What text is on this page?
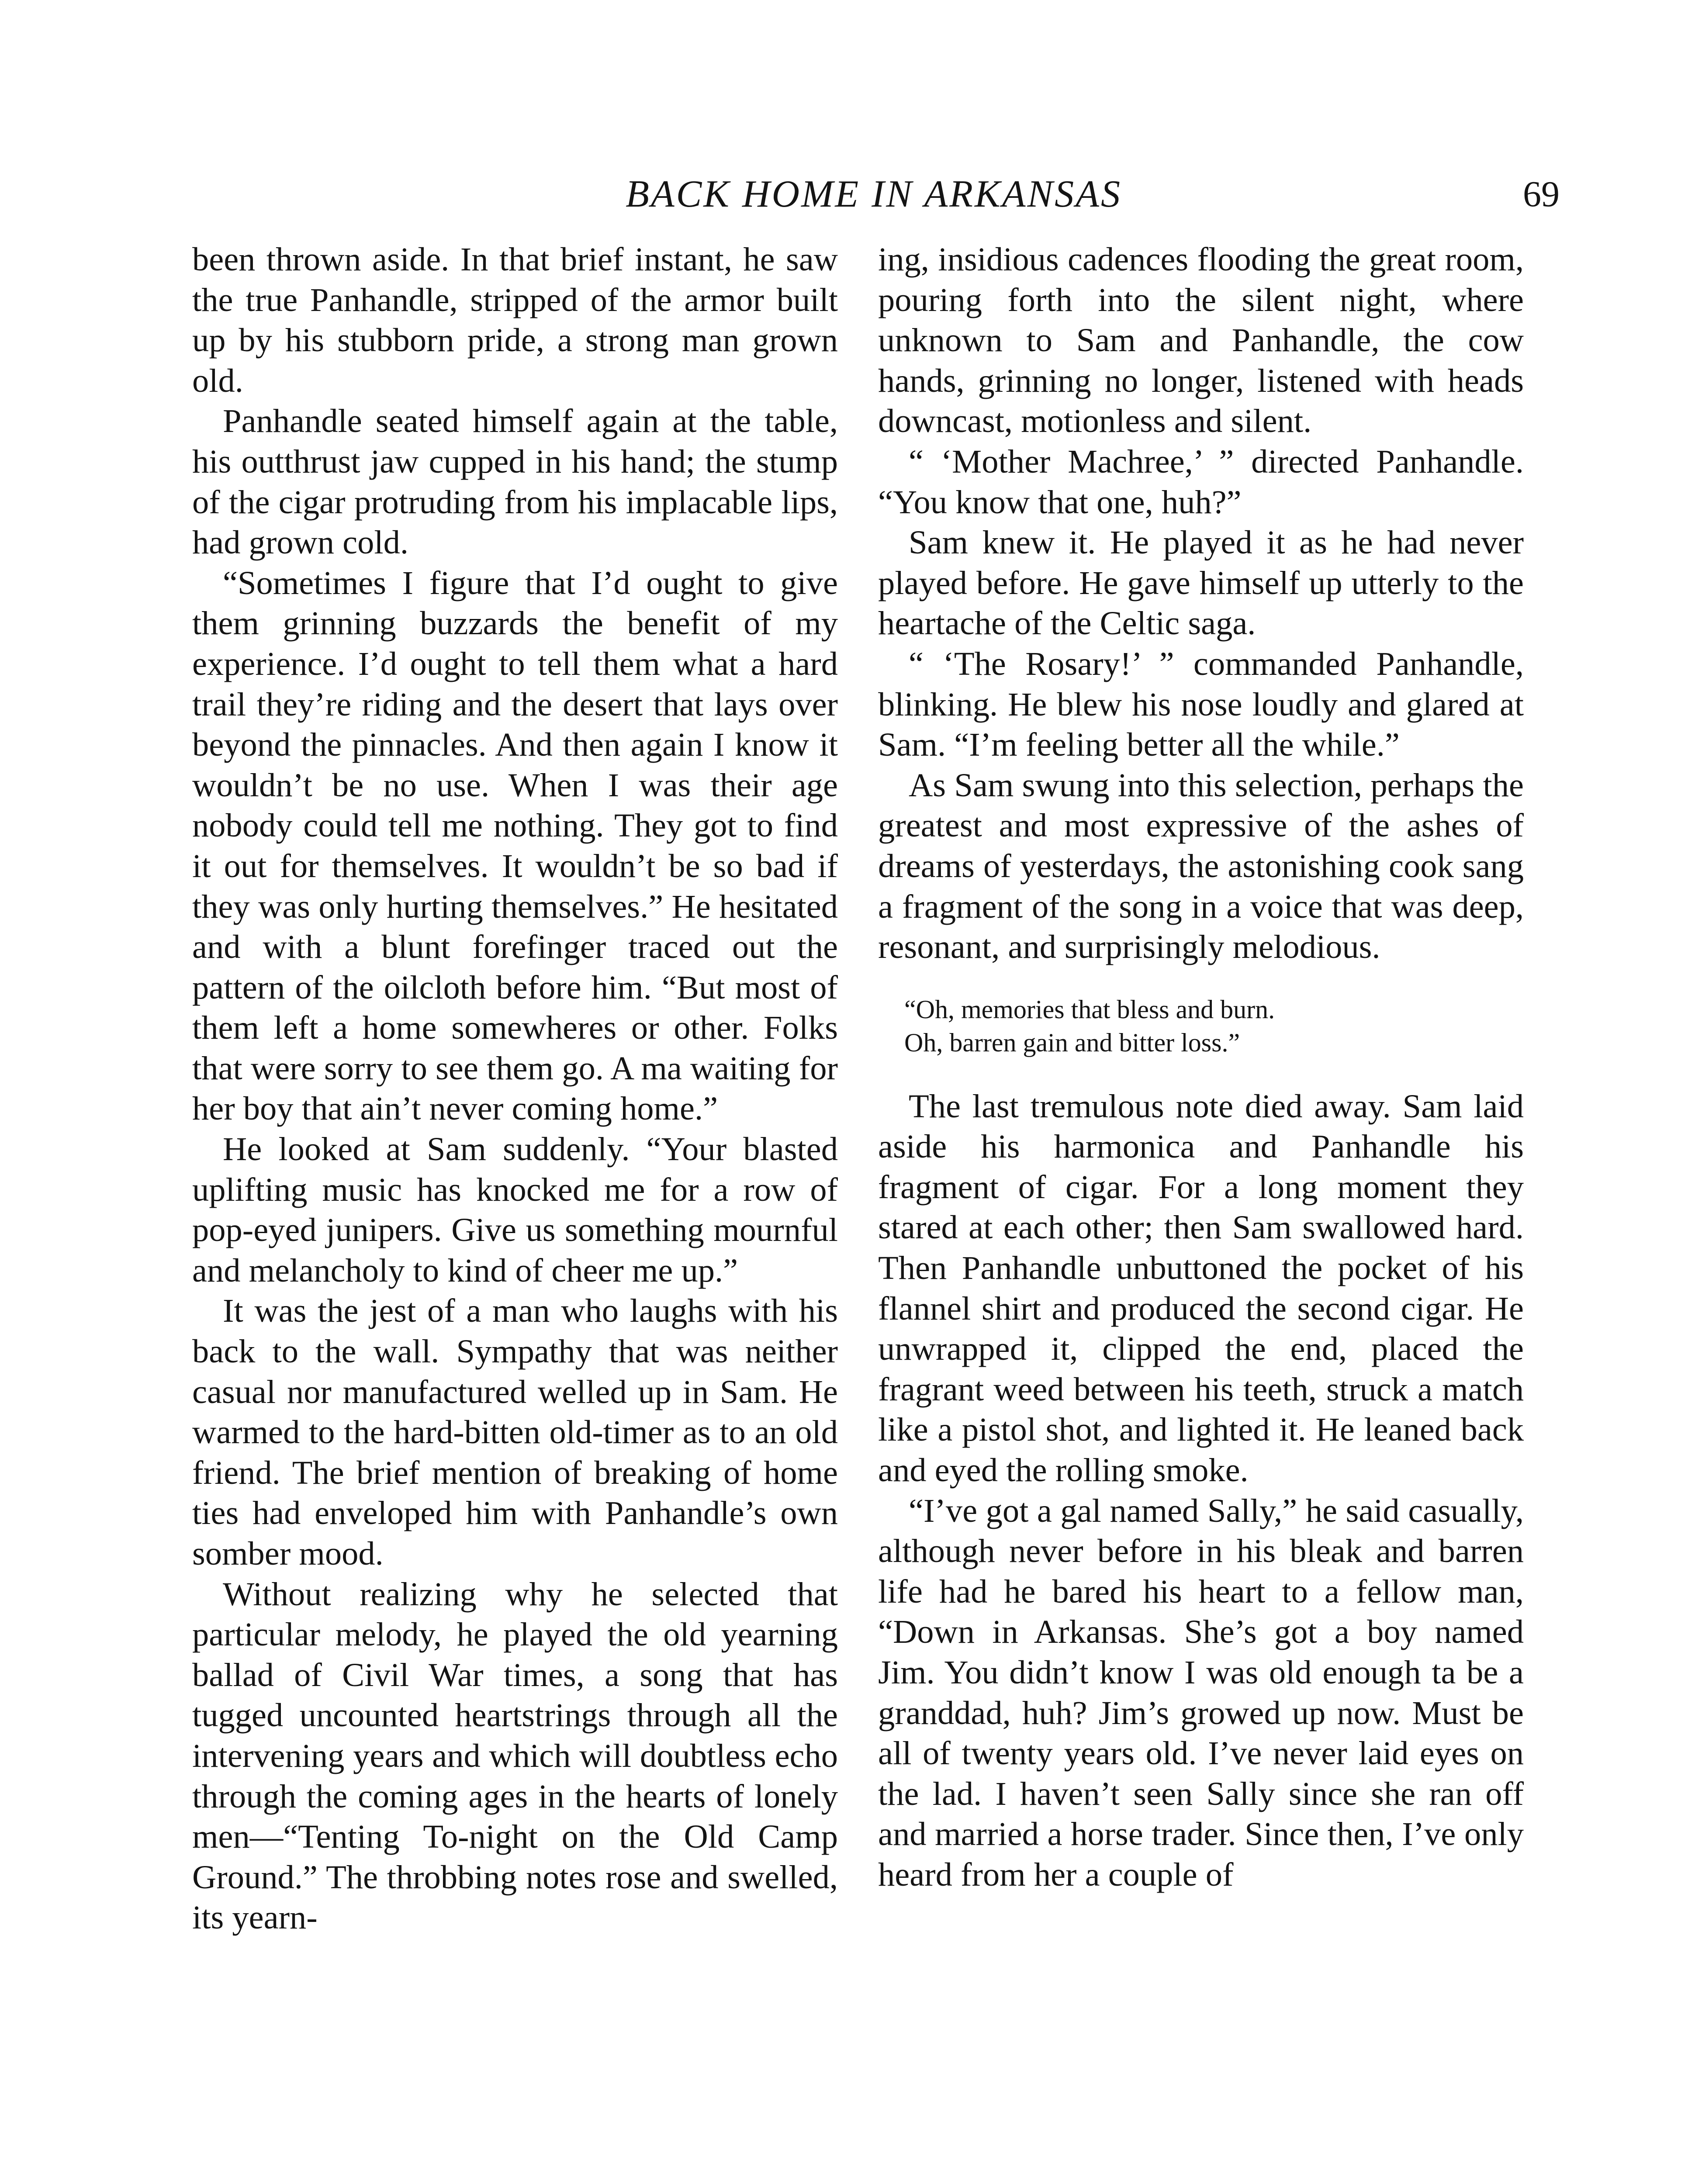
BACK HOME IN ARKANSAS	69

been thrown aside. In that brief instant, he saw the true Panhandle, stripped of the armor built up by his stubborn pride, a strong man grown old.

Panhandle seated himself again at the table, his outthrust jaw cupped in his hand; the stump of the cigar protruding from his implacable lips, had grown cold.

“Sometimes I figure that I’d ought to give them grinning buzzards the benefit of my experience. I’d ought to tell them what a hard trail they’re riding and the desert that lays over beyond the pinnacles. And then again I know it wouldn’t be no use. When I was their age nobody could tell me nothing. They got to find it out for themselves. It wouldn’t be so bad if they was only hurting themselves.” He hesitated and with a blunt forefinger traced out the pattern of the oilcloth before him. “But most of them left a home somewheres or other. Folks that were sorry to see them go. A ma waiting for her boy that ain’t never coming home.”

He looked at Sam suddenly. “Your blasted uplifting music has knocked me for a row of pop-eyed junipers. Give us something mournful and melancholy to kind of cheer me up.”

It was the jest of a man who laughs with his back to the wall. Sympathy that was neither casual nor manufactured welled up in Sam. He warmed to the hard-bitten old-timer as to an old friend. The brief mention of breaking of home ties had enveloped him with Panhandle’s own somber mood.

Without realizing why he selected that particular melody, he played the old yearning ballad of Civil War times, a song that has tugged uncounted heartstrings through all the intervening years and which will doubtless echo through the coming ages in the hearts of lonely men—“Tenting To-night on the Old Camp Ground.” The throbbing notes rose and swelled, its yearn-

ing, insidious cadences flooding the great room, pouring forth into the silent night, where unknown to Sam and Panhandle, the cow hands, grinning no longer, listened with heads downcast, motionless and silent.

“ ‘Mother Machree,’ ” directed Panhandle. “You know that one, huh?”

Sam knew it. He played it as he had never played before. He gave himself up utterly to the heartache of the Celtic saga.

“ ‘The Rosary!’ ” commanded Panhandle, blinking. He blew his nose loudly and glared at Sam. “I’m feeling better all the while.”

As Sam swung into this selection, perhaps the greatest and most expressive of the ashes of dreams of yesterdays, the astonishing cook sang a fragment of the song in a voice that was deep, resonant, and surprisingly melodious.

“Oh, memories that bless and burn.
Oh, barren gain and bitter loss.”

The last tremulous note died away. Sam laid aside his harmonica and Panhandle his fragment of cigar. For a long moment they stared at each other; then Sam swallowed hard. Then Panhandle unbuttoned the pocket of his flannel shirt and produced the second cigar. He unwrapped it, clipped the end, placed the fragrant weed between his teeth, struck a match like a pistol shot, and lighted it. He leaned back and eyed the rolling smoke.

“I’ve got a gal named Sally,” he said casually, although never before in his bleak and barren life had he bared his heart to a fellow man, “Down in Arkansas. She’s got a boy named Jim. You didn’t know I was old enough ta be a granddad, huh? Jim’s growed up now. Must be all of twenty years old. I’ve never laid eyes on the lad. I haven’t seen Sally since she ran off and married a horse trader. Since then, I’ve only heard from her a couple of
